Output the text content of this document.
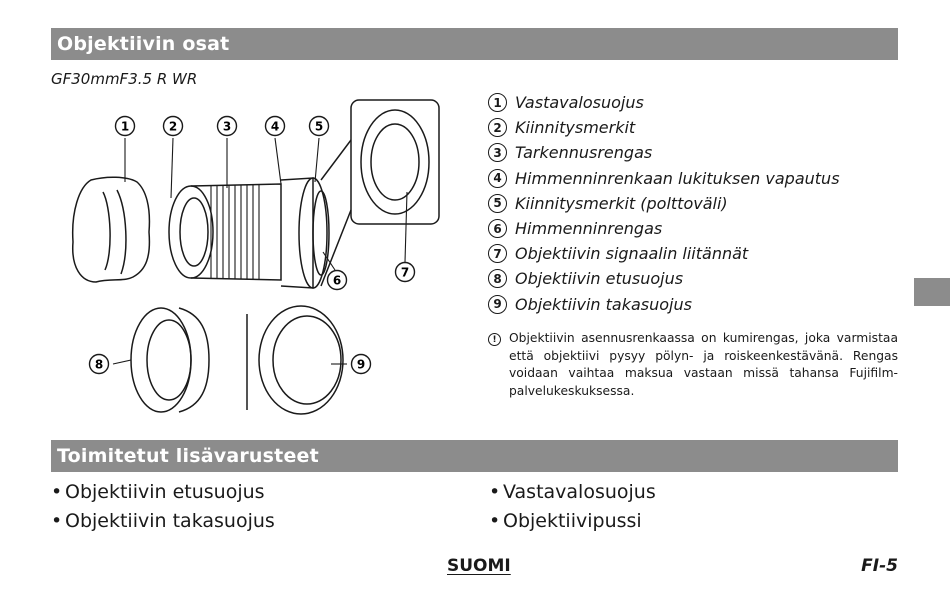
Objektiivin osat
GF30mmF3.5 R WR
1	2	3	4	5
6
7
8	9
1 Vastavalosuojus
2 Kiinnitysmerkit
3 Tarkennusrengas
4 Himmenninrenkaan lukituksen vapautus
5 Kiinnitysmerkit (polttoväli)
6 Himmenninrengas
7 Objektiivin signaalin liitännät
8 Objektiivin etusuojus
9 Objektiivin takasuojus
!	Objektiivin asennusrenkaassa on kumirengas, joka varmistaa että objektiivi pysyy pölyn- ja roiskeenkestävänä. Rengas voidaan vaihtaa maksua vastaan missä tahansa Fujifilm-palvelukeskuksessa.

Toimitetut lisävarusteet
• Objektiivin etusuojus
• Objektiivin takasuojus
• Vastavalosuojus
• Objektiivipussi
SUOMI	FI-5
